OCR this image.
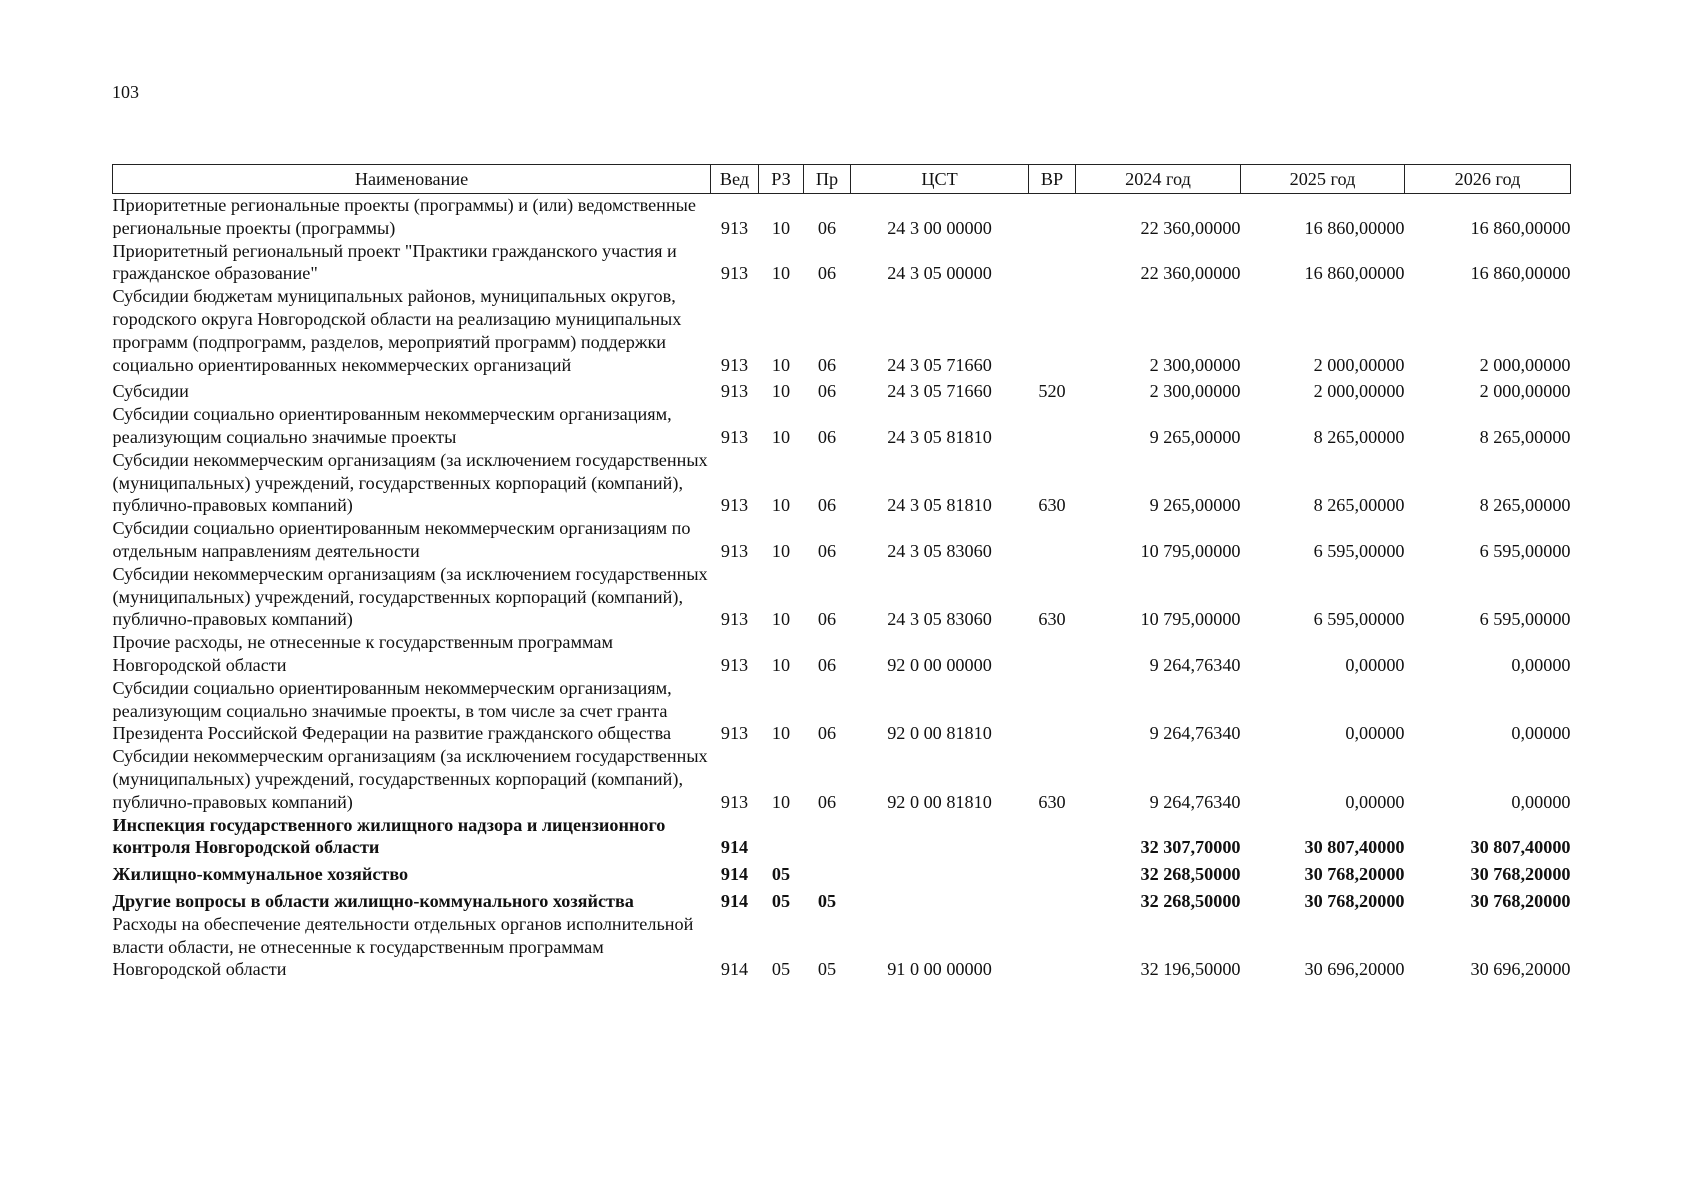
103
Наименование	Вед	РЗ	Пр	ЦСТ	ВР	2024 год	2025 год	2026 год
Приоритетные региональные проекты (программы) и (или) ведомственные региональные проекты (программы)	913	10	06	24 3 00 00000		22 360,00000	16 860,00000	16 860,00000
Приоритетный региональный проект "Практики гражданского участия и гражданское образование"	913	10	06	24 3 05 00000		22 360,00000	16 860,00000	16 860,00000
Субсидии бюджетам муниципальных районов, муниципальных округов, городского округа Новгородской области на реализацию муниципальных программ (подпрограмм, разделов, мероприятий программ) поддержки социально ориентированных некоммерческих организаций	913	10	06	24 3 05 71660		2 300,00000	2 000,00000	2 000,00000
Субсидии	913	10	06	24 3 05 71660	520	2 300,00000	2 000,00000	2 000,00000
Субсидии социально ориентированным некоммерческим организациям, реализующим социально значимые проекты	913	10	06	24 3 05 81810		9 265,00000	8 265,00000	8 265,00000
Субсидии некоммерческим организациям (за исключением государственных (муниципальных) учреждений, государственных корпораций (компаний), публично-правовых компаний)	913	10	06	24 3 05 81810	630	9 265,00000	8 265,00000	8 265,00000
Субсидии социально ориентированным некоммерческим организациям по отдельным направлениям деятельности	913	10	06	24 3 05 83060		10 795,00000	6 595,00000	6 595,00000
Субсидии некоммерческим организациям (за исключением государственных (муниципальных) учреждений, государственных корпораций (компаний), публично-правовых компаний)	913	10	06	24 3 05 83060	630	10 795,00000	6 595,00000	6 595,00000
Прочие расходы, не отнесенные к государственным программам Новгородской области	913	10	06	92 0 00 00000		9 264,76340	0,00000	0,00000
Субсидии социально ориентированным некоммерческим организациям, реализующим социально значимые проекты, в том числе за счет гранта Президента Российской Федерации на развитие гражданского общества	913	10	06	92 0 00 81810		9 264,76340	0,00000	0,00000
Субсидии некоммерческим организациям (за исключением государственных (муниципальных) учреждений, государственных корпораций (компаний), публично-правовых компаний)	913	10	06	92 0 00 81810	630	9 264,76340	0,00000	0,00000
Инспекция государственного жилищного надзора и лицензионного контроля Новгородской области	914					32 307,70000	30 807,40000	30 807,40000
Жилищно-коммунальное хозяйство	914	05				32 268,50000	30 768,20000	30 768,20000
Другие вопросы в области жилищно-коммунального хозяйства	914	05	05			32 268,50000	30 768,20000	30 768,20000
Расходы на обеспечение деятельности отдельных органов исполнительной власти области, не отнесенные к государственным программам Новгородской области	914	05	05	91 0 00 00000		32 196,50000	30 696,20000	30 696,20000
